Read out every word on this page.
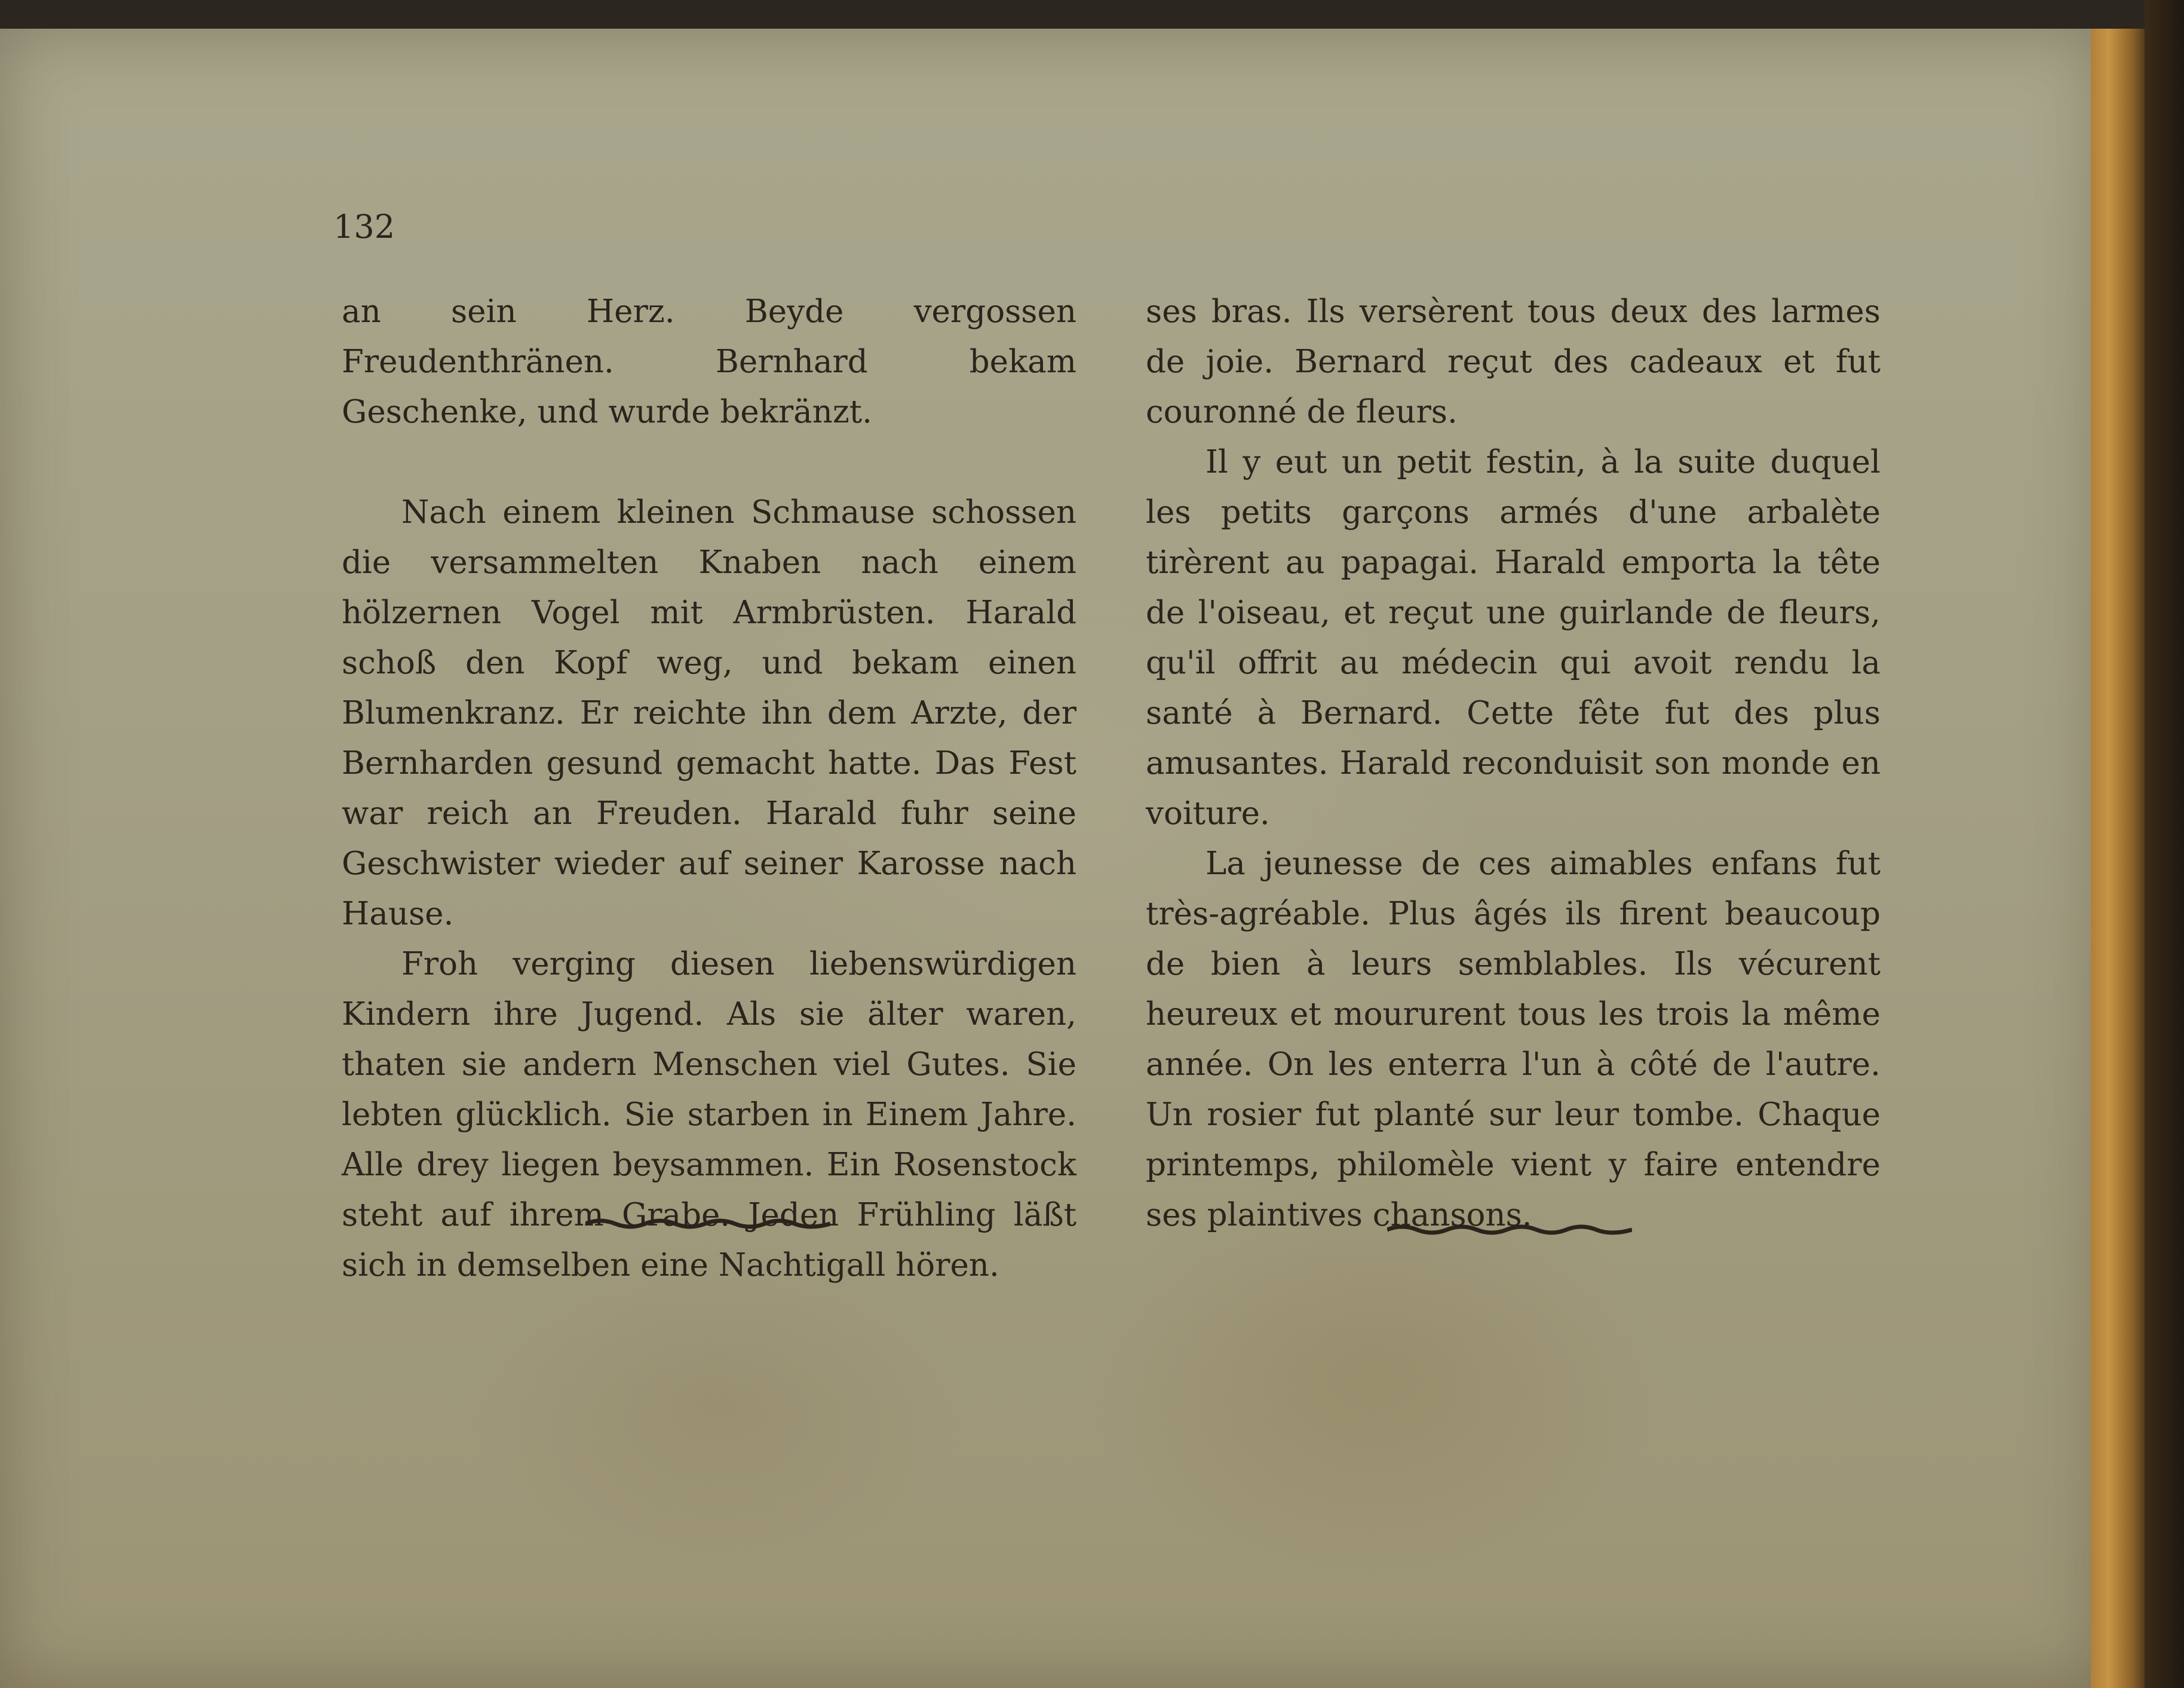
132

an sein Herz. Beyde vergossen Freudenthränen. Bernhard bekam Geschenke, und wurde bekränzt.

Nach einem kleinen Schmause schossen die versammelten Knaben nach einem hölzernen Vogel mit Armbrüsten. Harald schoß den Kopf weg, und bekam einen Blumenkranz. Er reichte ihn dem Arzte, der Bernharden gesund gemacht hatte. Das Fest war reich an Freuden. Harald fuhr seine Geschwister wieder auf seiner Karosse nach Hause.

Froh verging diesen liebenswürdigen Kindern ihre Jugend. Als sie älter waren, thaten sie andern Menschen viel Gutes. Sie lebten glücklich. Sie starben in Einem Jahre. Alle drey liegen beysammen. Ein Rosenstock steht auf ihrem Grabe. Jeden Frühling läßt sich in demselben eine Nachtigall hören.

ses bras. Ils versèrent tous deux des larmes de joie. Bernard reçut des cadeaux et fut couronné de fleurs.

Il y eut un petit festin, à la suite duquel les petits garçons armés d'une arbalète tirèrent au papagai. Harald emporta la tête de l'oiseau, et reçut une guirlande de fleurs, qu'il offrit au médecin qui avoit rendu la santé à Bernard. Cette fête fut des plus amusantes. Harald reconduisit son monde en voiture.

La jeunesse de ces aimables enfans fut très-agréable. Plus âgés ils firent beaucoup de bien à leurs semblables. Ils vécurent heureux et moururent tous les trois la même année. On les enterra l'un à côté de l'autre. Un rosier fut planté sur leur tombe. Chaque printemps, philomèle vient y faire entendre ses plaintives chansons.
